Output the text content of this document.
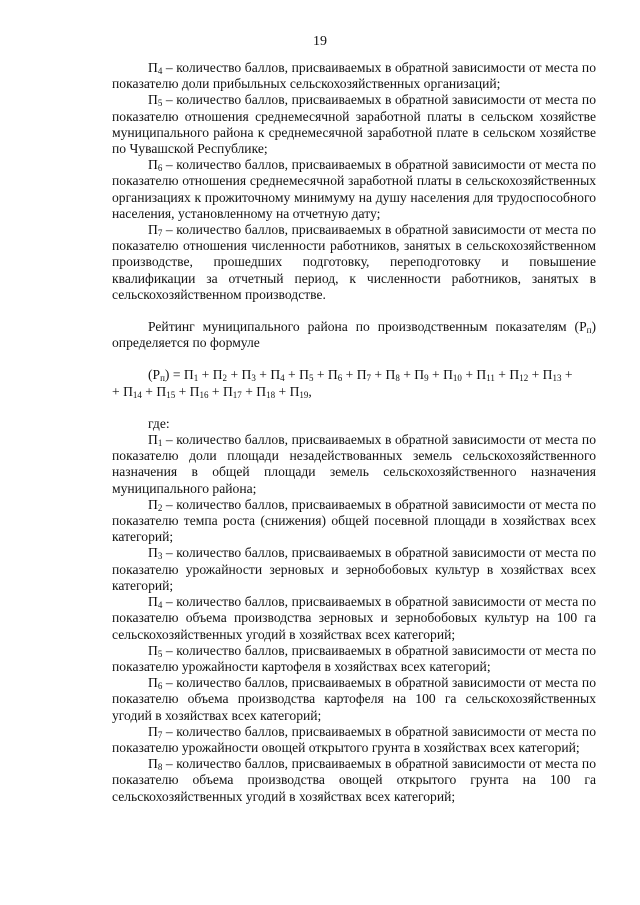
19

$П_4$ – количество баллов, присваиваемых в обратной зависимости от места по показателю доли прибыльных сельскохозяйственных организаций;

$П_5$ – количество баллов, присваиваемых в обратной зависимости от места по показателю отношения среднемесячной заработной платы в сельском хозяйстве муниципального района к среднемесячной заработной плате в сельском хозяйстве по Чувашской Республике;

$П_6$ – количество баллов, присваиваемых в обратной зависимости от места по показателю отношения среднемесячной заработной платы в сельскохозяйственных организациях к прожиточному минимуму на душу населения для трудоспособного населения, установленному на отчетную дату;

$П_7$ – количество баллов, присваиваемых в обратной зависимости от места по показателю отношения численности работников, занятых в сельскохозяйственном производстве, прошедших подготовку, переподготовку и повышение квалификации за отчетный период, к численности работников, занятых в сельскохозяйственном производстве.

Рейтинг муниципального района по производственным показателям $(Р_п)$ определяется по формуле

$(Р_п) = П_1 + П_2 + П_3 + П_4 + П_5 + П_6 + П_7 + П_8 + П_9 + П_{10} + П_{11} + П_{12} + П_{13}$ +
+ $П_{14} + П_{15} + П_{16} + П_{17} + П_{18} + П_{19}$,

где:

$П_1$ – количество баллов, присваиваемых в обратной зависимости от места по показателю доли площади незадействованных земель сельскохозяйственного назначения в общей площади земель сельскохозяйственного назначения муниципального района;

$П_2$ – количество баллов, присваиваемых в обратной зависимости от места по показателю темпа роста (снижения) общей посевной площади в хозяйствах всех категорий;

$П_3$ – количество баллов, присваиваемых в обратной зависимости от места по показателю урожайности зерновых и зернобобовых культур в хозяйствах всех категорий;

$П_4$ – количество баллов, присваиваемых в обратной зависимости от места по показателю объема производства зерновых и зернобобовых культур на 100 га сельскохозяйственных угодий в хозяйствах всех категорий;

$П_5$ – количество баллов, присваиваемых в обратной зависимости от места по показателю урожайности картофеля в хозяйствах всех категорий;

$П_6$ – количество баллов, присваиваемых в обратной зависимости от места по показателю объема производства картофеля на 100 га сельскохозяйственных угодий в хозяйствах всех категорий;

$П_7$ – количество баллов, присваиваемых в обратной зависимости от места по показателю урожайности овощей открытого грунта в хозяйствах всех категорий;

$П_8$ – количество баллов, присваиваемых в обратной зависимости от места по показателю объема производства овощей открытого грунта на 100 га сельскохозяйственных угодий в хозяйствах всех категорий;
